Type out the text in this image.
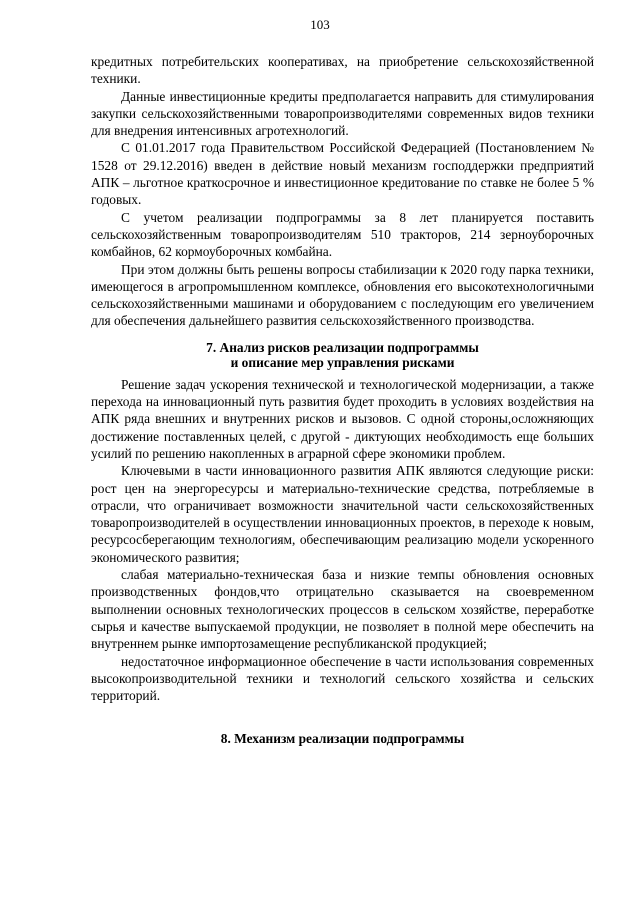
103

кредитных потребительских кооперативах, на приобретение сельскохозяйственной техники.

Данные инвестиционные кредиты предполагается направить для стимулирования закупки сельскохозяйственными товаропроизводителями современных видов техники для внедрения интенсивных агротехнологий.

С 01.01.2017 года Правительством Российской Федерацией (Постановлением № 1528 от 29.12.2016) введен в действие новый механизм господдержки предприятий АПК – льготное краткосрочное и инвестиционное кредитование по ставке не более 5 % годовых.

С учетом реализации подпрограммы за 8 лет планируется поставить сельскохозяйственным товаропроизводителям 510 тракторов, 214 зерноуборочных комбайнов, 62 кормоуборочных комбайна.

При этом должны быть решены вопросы стабилизации к 2020 году парка техники, имеющегося в агропромышленном комплексе, обновления его высокотехнологичными сельскохозяйственными машинами и оборудованием с последующим его увеличением для обеспечения дальнейшего развития сельскохозяйственного производства.

7. Анализ рисков реализации подпрограммы
и описание мер управления рисками

Решение задач ускорения технической и технологической модернизации, а также перехода на инновационный путь развития будет проходить в условиях воздействия на АПК ряда внешних и внутренних рисков и вызовов. С одной стороны,осложняющих достижение поставленных целей, с другой - диктующих необходимость еще больших усилий по решению накопленных в аграрной сфере экономики проблем.

Ключевыми в части инновационного развития АПК являются следующие риски: рост цен на энергоресурсы и материально-технические средства, потребляемые в отрасли, что ограничивает возможности значительной части сельскохозяйственных товаропроизводителей в осуществлении инновационных проектов, в переходе к новым, ресурсосберегающим технологиям, обеспечивающим реализацию модели ускоренного экономического развития;

слабая материально-техническая база и низкие темпы обновления основных производственных фондов,что отрицательно сказывается на своевременном выполнении основных технологических процессов в сельском хозяйстве, переработке сырья и качестве выпускаемой продукции, не позволяет в полной мере обеспечить на внутреннем рынке импортозамещение республиканской продукцией;

недостаточное информационное обеспечение в части использования современных высокопроизводительной техники и технологий сельского хозяйства и сельских территорий.

8. Механизм реализации подпрограммы
